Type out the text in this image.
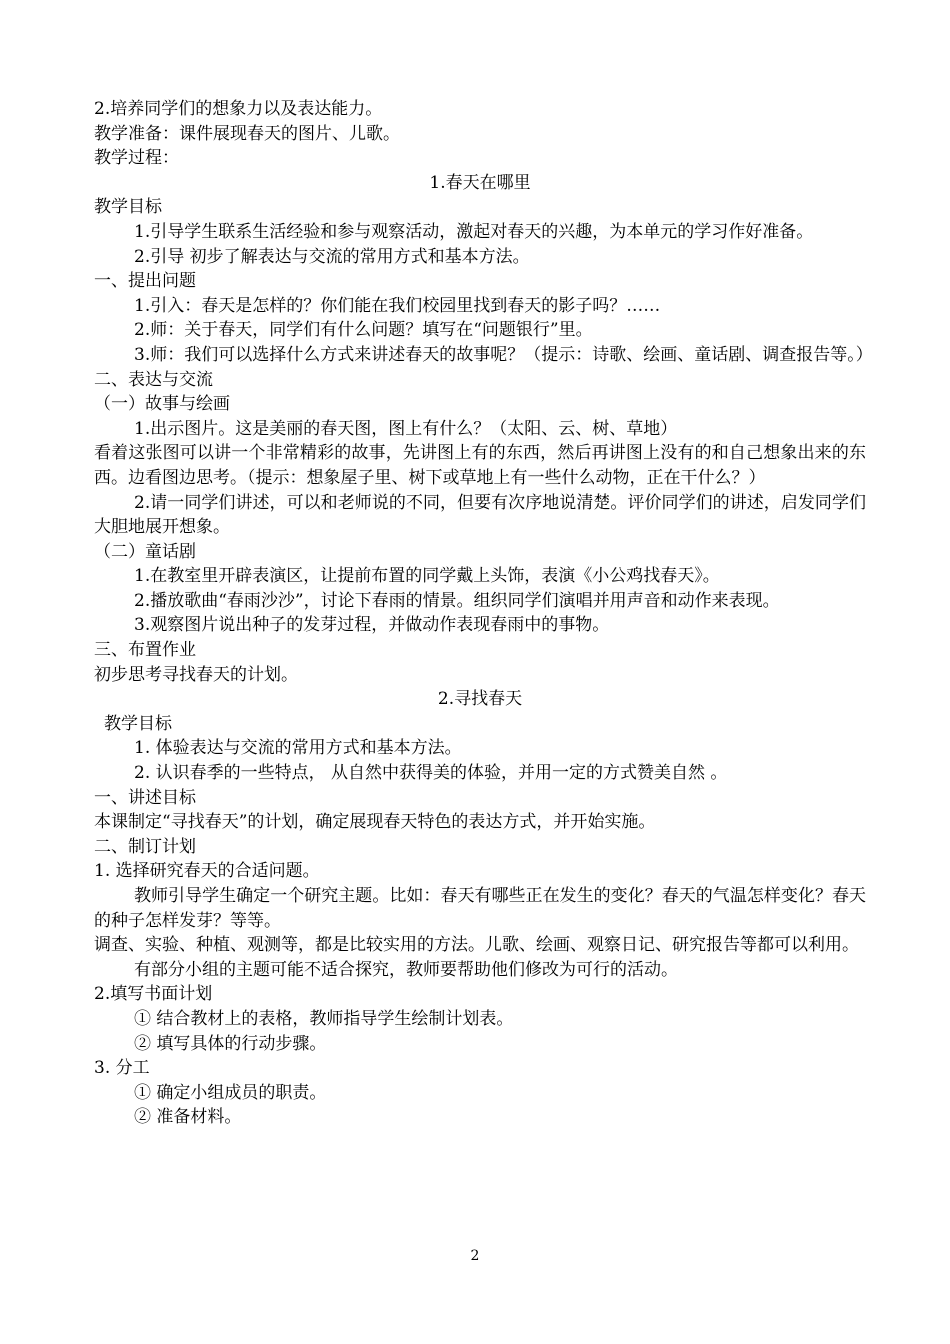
2.培养同学们的想象力以及表达能力。
教学准备：课件展现春天的图片、儿歌。
教学过程：
1.春天在哪里
教学目标
1.引导学生联系生活经验和参与观察活动，激起对春天的兴趣，为本单元的学习作好准备。
2.引导 初步了解表达与交流的常用方式和基本方法。
一、提出问题
1.引入：春天是怎样的？你们能在我们校园里找到春天的影子吗？……
2.师：关于春天，同学们有什么问题？填写在“问题银行”里。
3.师：我们可以选择什么方式来讲述春天的故事呢？（提示：诗歌、绘画、童话剧、调查报告等。）
二、表达与交流
（一）故事与绘画
1.出示图片。这是美丽的春天图，图上有什么？（太阳、云、树、草地）
看着这张图可以讲一个非常精彩的故事，先讲图上有的东西，然后再讲图上没有的和自己想象出来的东西。边看图边思考。（提示：想象屋子里、树下或草地上有一些什么动物，正在干什么？）
2.请一同学们讲述，可以和老师说的不同，但要有次序地说清楚。评价同学们的讲述，启发同学们大胆地展开想象。
（二）童话剧
1.在教室里开辟表演区，让提前布置的同学戴上头饰，表演《小公鸡找春天》。
2.播放歌曲“春雨沙沙”，讨论下春雨的情景。组织同学们演唱并用声音和动作来表现。
3.观察图片说出种子的发芽过程，并做动作表现春雨中的事物。
三、布置作业
初步思考寻找春天的计划。
2.寻找春天
教学目标
1. 体验表达与交流的常用方式和基本方法。
2. 认识春季的一些特点， 从自然中获得美的体验，并用一定的方式赞美自然 。
一、讲述目标
本课制定“寻找春天”的计划，确定展现春天特色的表达方式，并开始实施。
二、制订计划
1. 选择研究春天的合适问题。
教师引导学生确定一个研究主题。比如：春天有哪些正在发生的变化？春天的气温怎样变化？春天的种子怎样发芽？等等。
调查、实验、种植、观测等，都是比较实用的方法。儿歌、绘画、观察日记、研究报告等都可以利用。
有部分小组的主题可能不适合探究，教师要帮助他们修改为可行的活动。
2.填写书面计划
① 结合教材上的表格，教师指导学生绘制计划表。
② 填写具体的行动步骤。
3. 分工
① 确定小组成员的职责。
② 准备材料。
2
